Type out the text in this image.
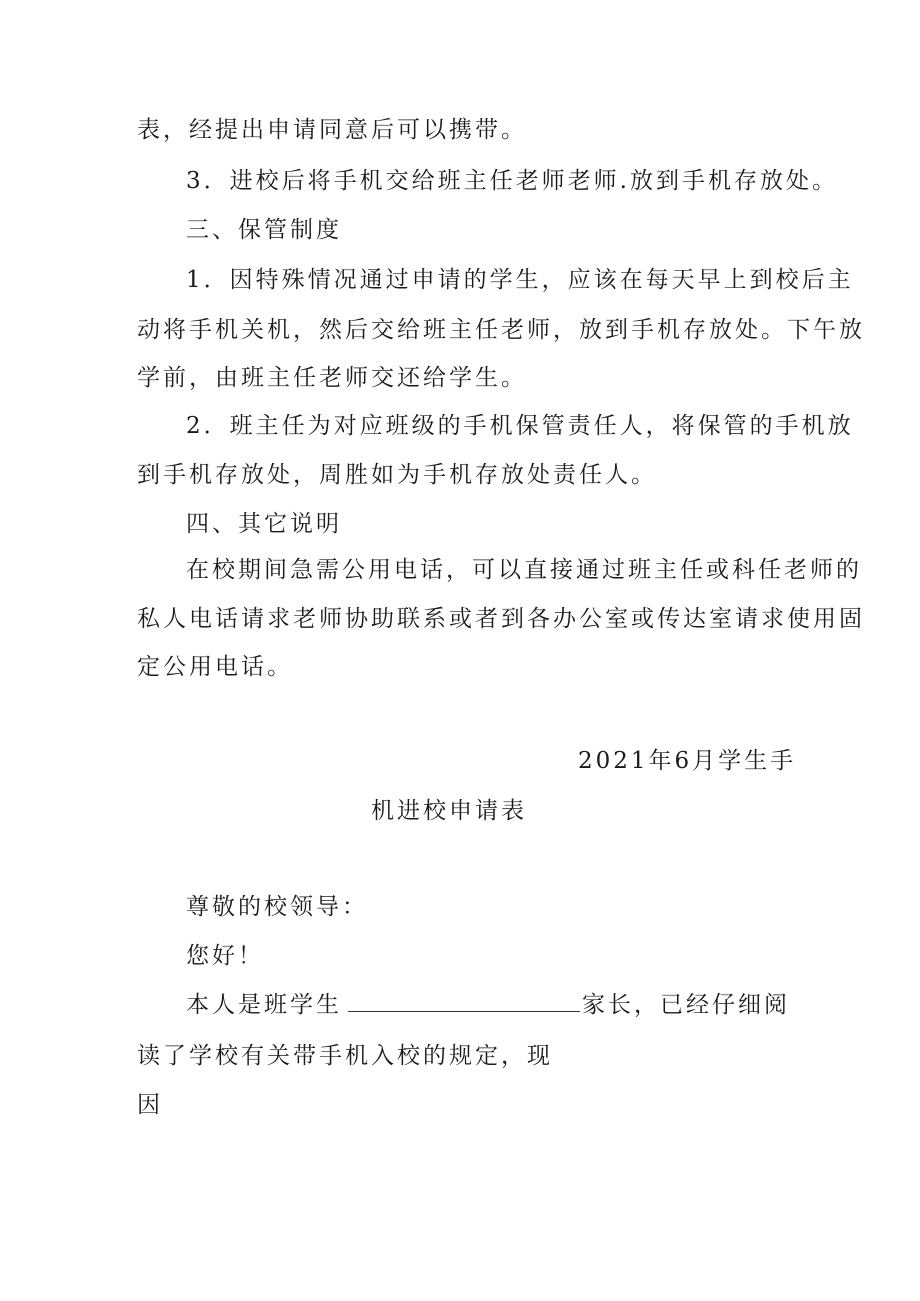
表，经提出申请同意后可以携带。
3．进校后将手机交给班主任老师老师.放到手机存放处。
三、保管制度
1．因特殊情况通过申请的学生，应该在每天早上到校后主
动将手机关机，然后交给班主任老师，放到手机存放处。下午放
学前，由班主任老师交还给学生。
2．班主任为对应班级的手机保管责任人，将保管的手机放
到手机存放处，周胜如为手机存放处责任人。
四、其它说明
在校期间急需公用电话，可以直接通过班主任或科任老师的
私人电话请求老师协助联系或者到各办公室或传达室请求使用固
定公用电话。
2021年6月学生手
机进校申请表
尊敬的校领导：
您好！
本人是班学生	家长，已经仔细阅
读了学校有关带手机入校的规定，现
因
